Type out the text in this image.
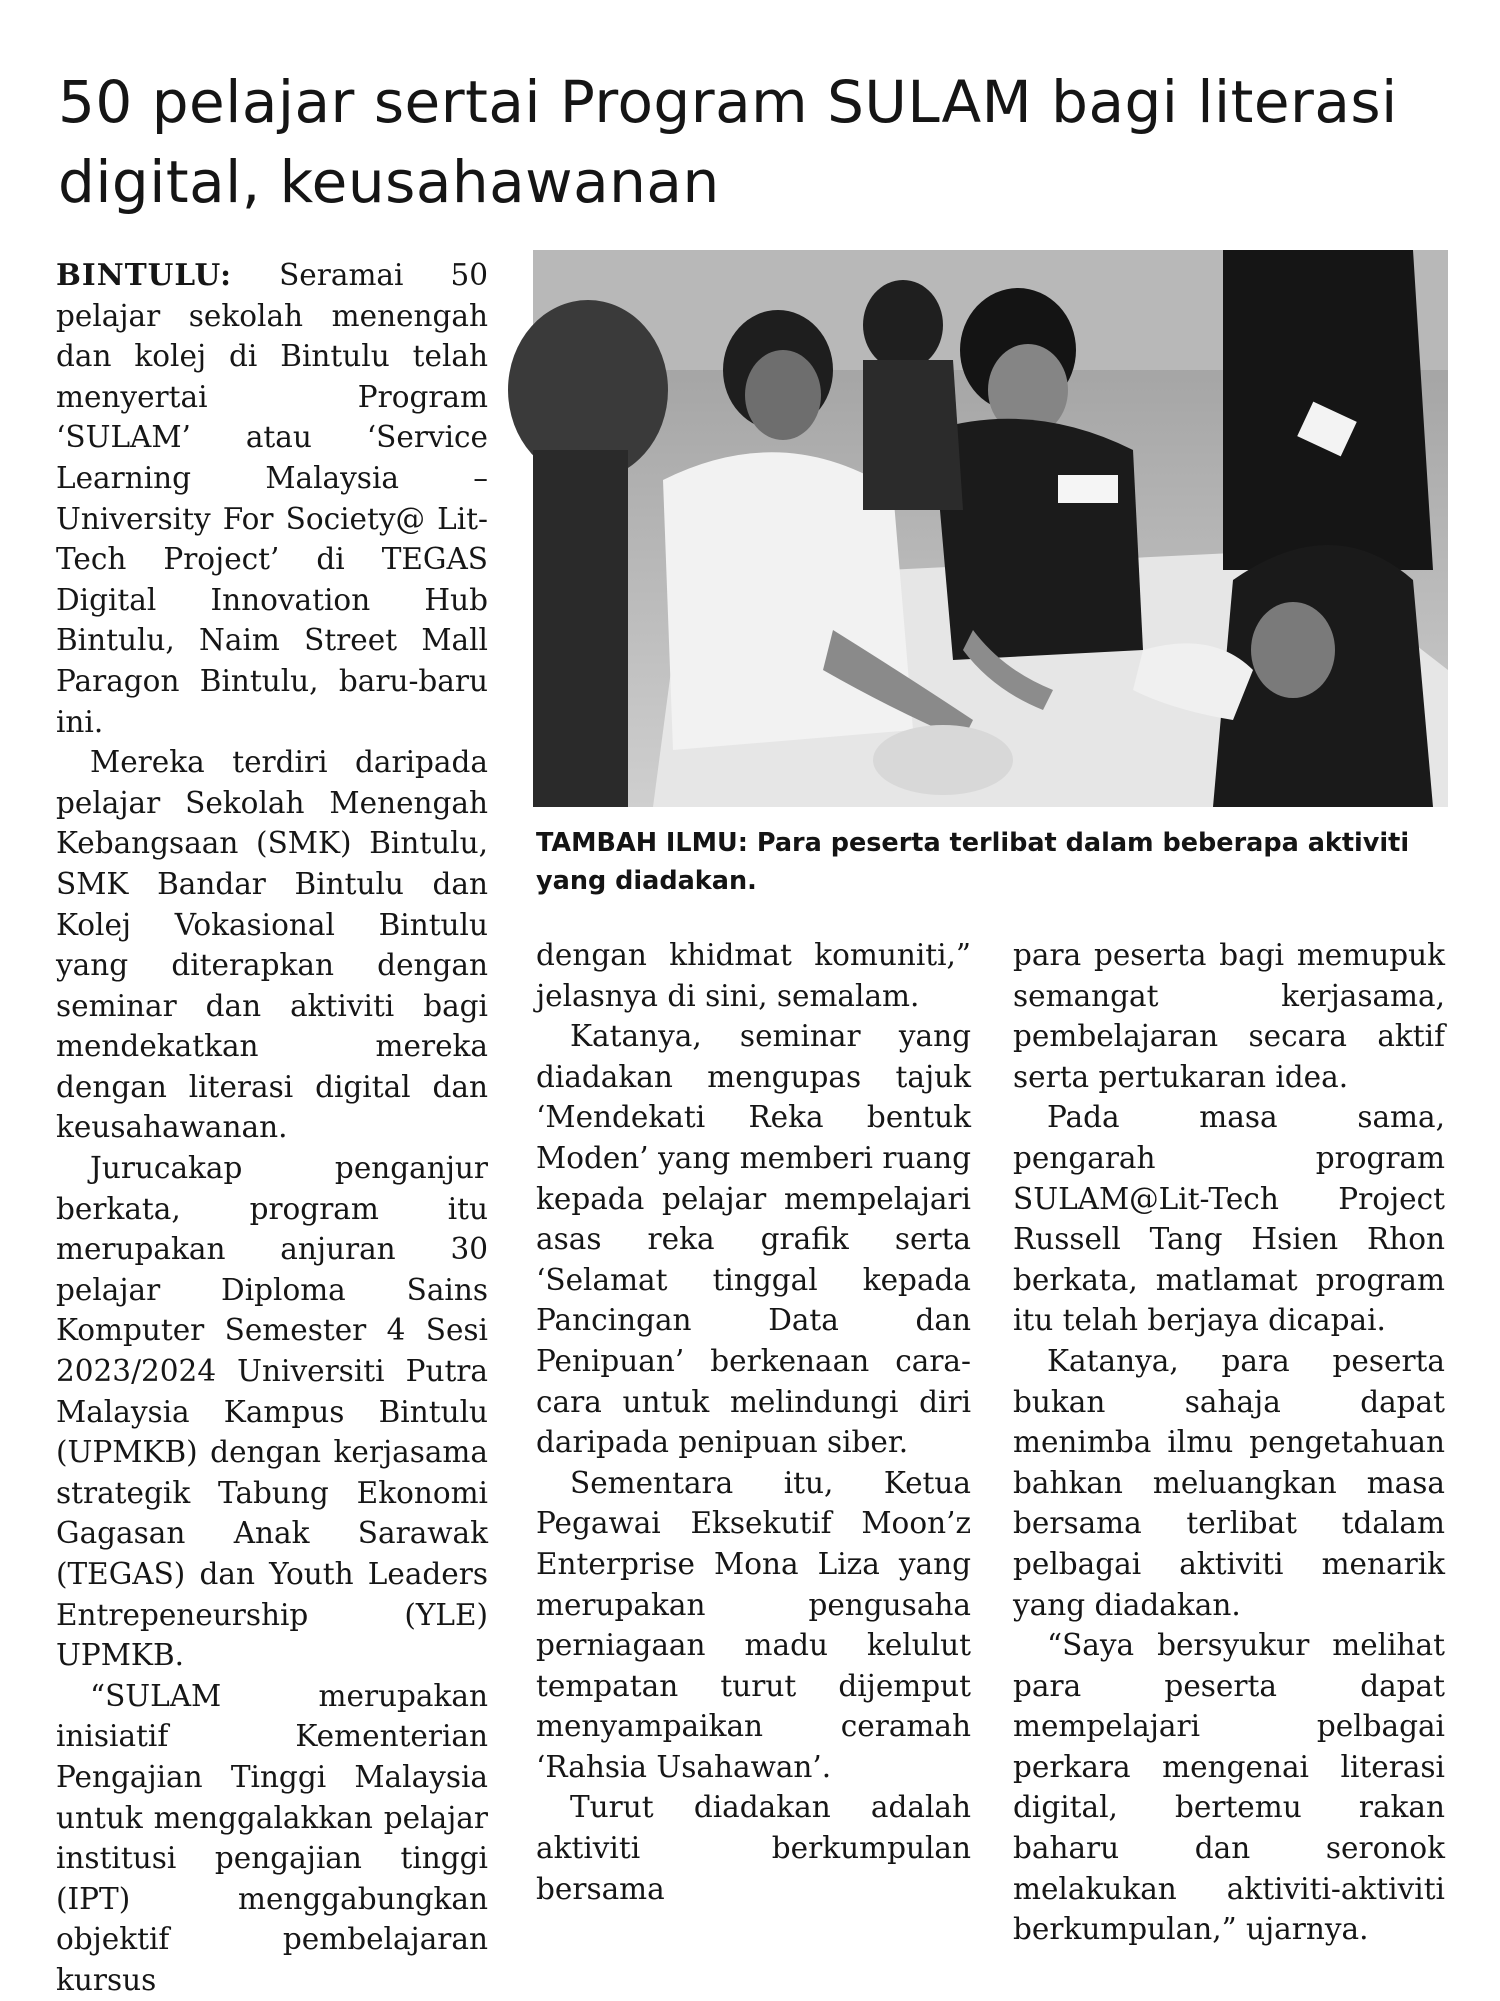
50 pelajar sertai Program SULAM bagi literasi digital, keusahawanan

BINTULU: Seramai 50 pelajar sekolah menengah dan kolej di Bintulu telah menyertai Program ‘SULAM’ atau ‘Service Learning Malaysia – University For Society@ Lit-Tech Project’ di TEGAS Digital Innovation Hub Bintulu, Naim Street Mall Paragon Bintulu, baru-baru ini.

Mereka terdiri daripada pelajar Sekolah Menengah Kebangsaan (SMK) Bintulu, SMK Bandar Bintulu dan Kolej Vokasional Bintulu yang diterapkan dengan seminar dan aktiviti bagi mendekatkan mereka dengan literasi digital dan keusahawanan.

Jurucakap penganjur berkata, program itu merupakan anjuran 30 pelajar Diploma Sains Komputer Semester 4 Sesi 2023/2024 Universiti Putra Malaysia Kampus Bintulu (UPMKB) dengan kerjasama strategik Tabung Ekonomi Gagasan Anak Sarawak (TEGAS) dan Youth Leaders Entrepeneurship (YLE) UPMKB.

“SULAM merupakan inisiatif Kementerian Pengajian Tinggi Malaysia untuk menggalakkan pelajar institusi pengajian tinggi (IPT) menggabungkan objektif pembelajaran kursus

TAMBAH ILMU: Para peserta terlibat dalam beberapa aktiviti yang diadakan.

dengan khidmat komuniti,” jelasnya di sini, semalam.

Katanya, seminar yang diadakan mengupas tajuk ‘Mendekati Reka bentuk Moden’ yang memberi ruang kepada pelajar mempelajari asas reka grafik serta ‘Selamat tinggal kepada Pancingan Data dan Penipuan’ berkenaan cara-cara untuk melindungi diri daripada penipuan siber.

Sementara itu, Ketua Pegawai Eksekutif Moon’z Enterprise Mona Liza yang merupakan pengusaha perniagaan madu kelulut tempatan turut dijemput menyampaikan ceramah ‘Rahsia Usahawan’.

Turut diadakan adalah aktiviti berkumpulan bersama

para peserta bagi memupuk semangat kerjasama, pembelajaran secara aktif serta pertukaran idea.

Pada masa sama, pengarah program SULAM@Lit-Tech Project Russell Tang Hsien Rhon berkata, matlamat program itu telah berjaya dicapai.

Katanya, para peserta bukan sahaja dapat menimba ilmu pengetahuan bahkan meluangkan masa bersama terlibat tdalam pelbagai aktiviti menarik yang diadakan.

“Saya bersyukur melihat para peserta dapat mempelajari pelbagai perkara mengenai literasi digital, bertemu rakan baharu dan seronok melakukan aktiviti-aktiviti berkumpulan,” ujarnya.
